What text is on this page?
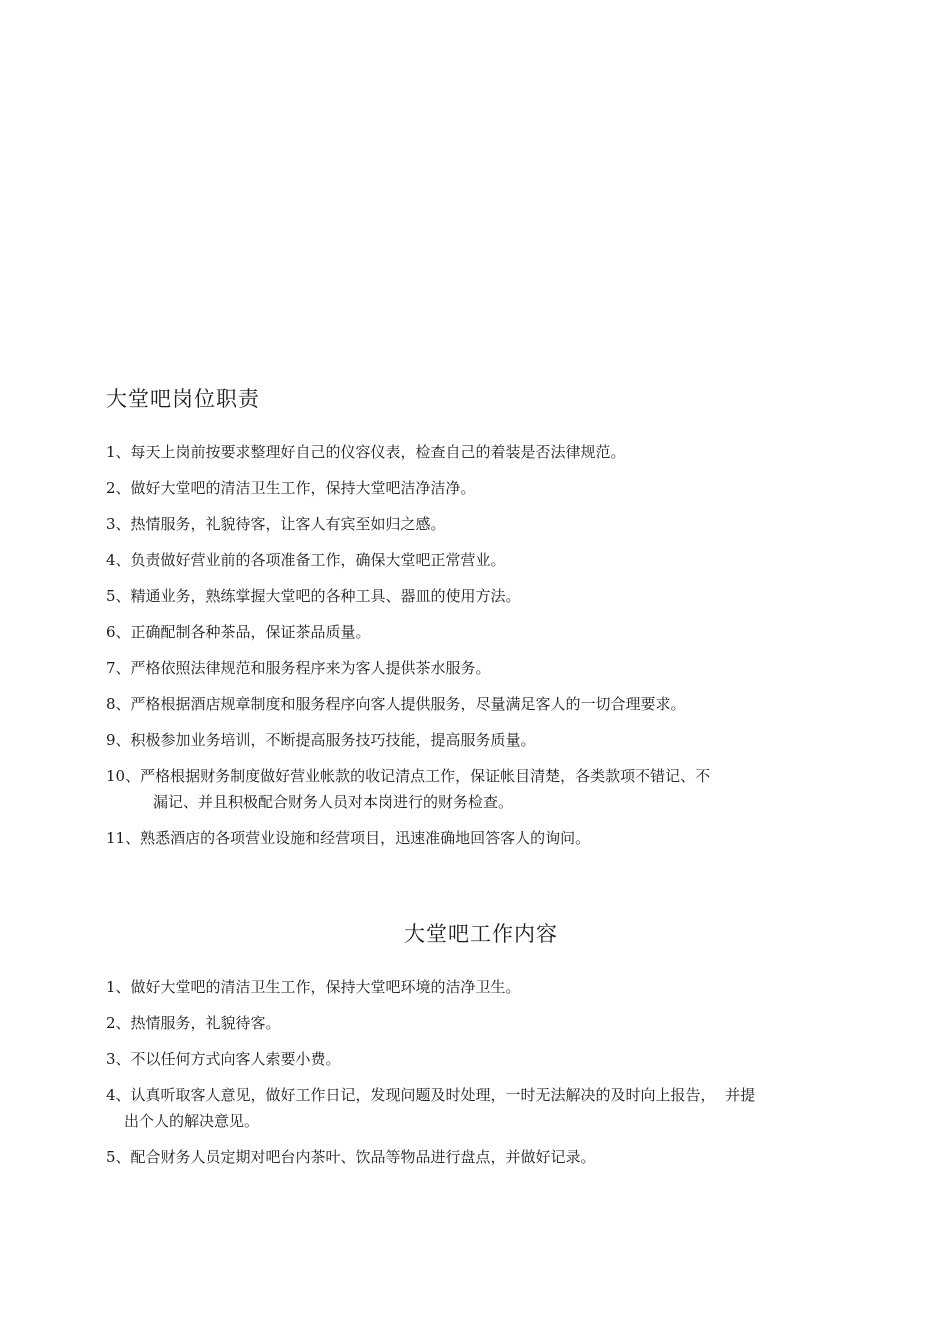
大堂吧岗位职责
1、每天上岗前按要求整理好自己的仪容仪表，检查自己的着装是否法律规范。
2、做好大堂吧的清洁卫生工作，保持大堂吧洁净洁净。
3、热情服务，礼貌待客，让客人有宾至如归之感。
4、负责做好营业前的各项准备工作，确保大堂吧正常营业。
5、精通业务，熟练掌握大堂吧的各种工具、器皿的使用方法。
6、正确配制各种茶品，保证茶品质量。
7、严格依照法律规范和服务程序来为客人提供茶水服务。
8、严格根据酒店规章制度和服务程序向客人提供服务，尽量满足客人的一切合理要求。
9、积极参加业务培训，不断提高服务技巧技能，提高服务质量。
10、严格根据财务制度做好营业帐款的收记清点工作，保证帐目清楚，各类款项不错记、不
漏记、并且积极配合财务人员对本岗进行的财务检查。
11、熟悉酒店的各项营业设施和经营项目，迅速准确地回答客人的询问。
大堂吧工作内容
1、做好大堂吧的清洁卫生工作，保持大堂吧环境的洁净卫生。
2、热情服务，礼貌待客。
3、不以任何方式向客人索要小费。
4、认真听取客人意见，做好工作日记，发现问题及时处理，一时无法解决的及时向上报告，  并提
出个人的解决意见。
5、配合财务人员定期对吧台内茶叶、饮品等物品进行盘点，并做好记录。
